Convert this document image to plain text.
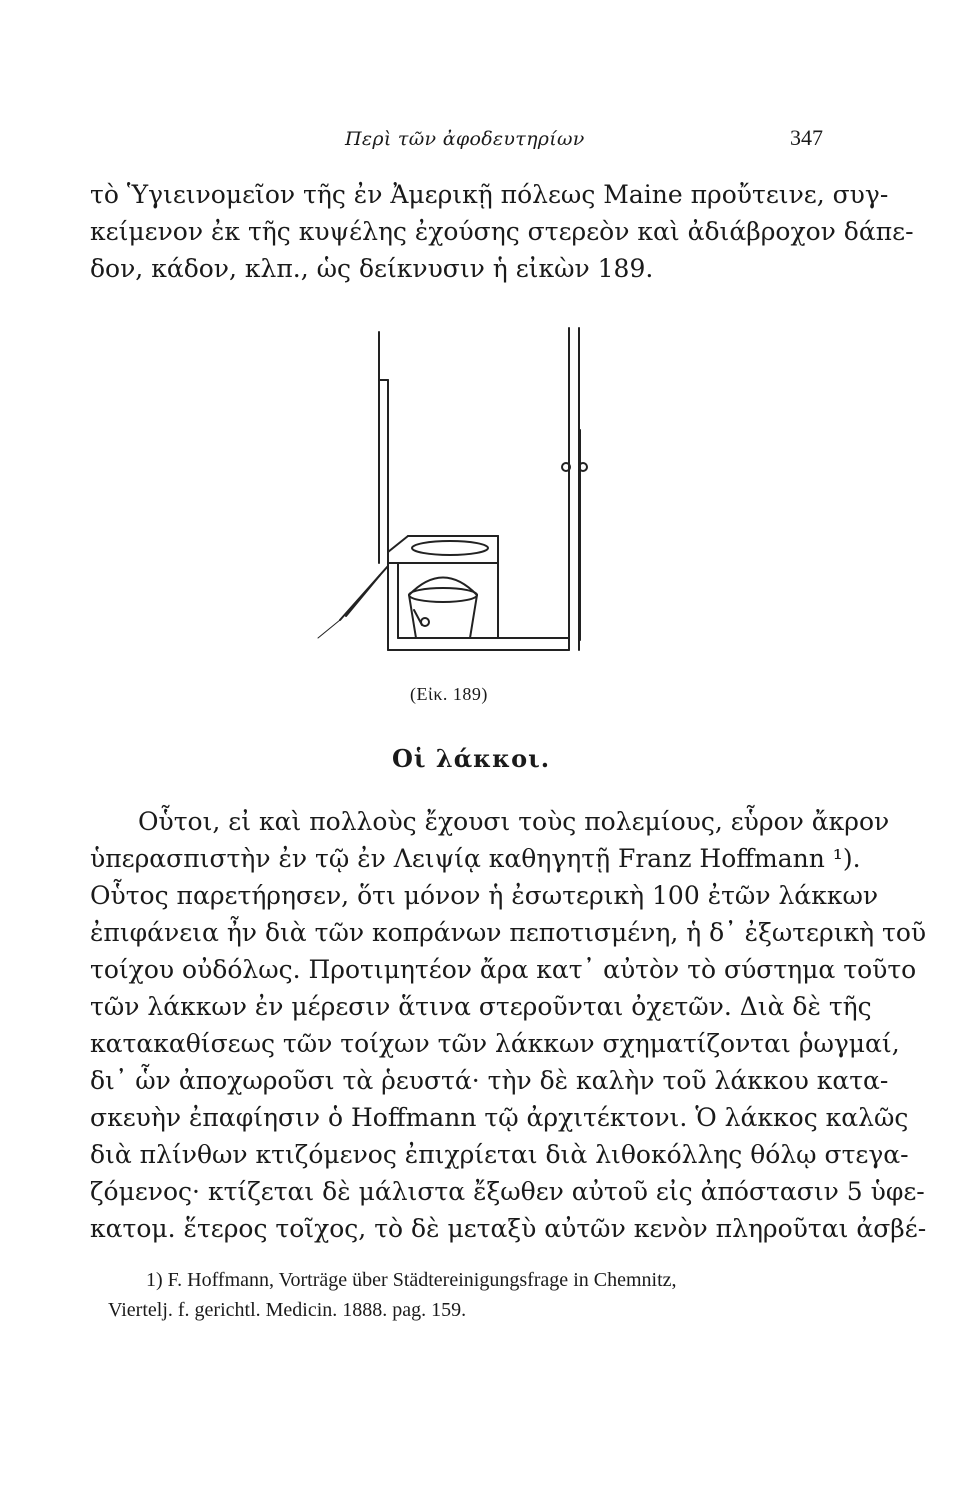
Περὶ τῶν ἀφοδευτηρίων	347
τὸ Ὑγιεινομεῖον τῆς ἐν Ἀμερικῇ πόλεως Maine προὔτεινε, συγ-
κείμενον ἐκ τῆς κυψέλης ἐχούσης στερεὸν καὶ ἀδιάβροχον δάπε-
δον, κάδον, κλπ., ὡς δείκνυσιν ἡ εἰκὼν 189.
(Εἰκ. 189)
Οἱ λάκκοι.
Οὗτοι, εἰ καὶ πολλοὺς ἔχουσι τοὺς πολεμίους, εὗρον ἄκρον
ὑπερασπιστὴν ἐν τῷ ἐν Λειψίᾳ καθηγητῇ Franz Hoffmann ¹).
Οὗτος παρετήρησεν, ὅτι μόνον ἡ ἐσωτερικὴ 100 ἐτῶν λάκκων
ἐπιφάνεια ἦν διὰ τῶν κοπράνων πεποτισμένη, ἡ δ᾿ ἐξωτερικὴ τοῦ
τοίχου οὐδόλως. Προτιμητέον ἄρα κατ᾿ αὐτὸν τὸ σύστημα τοῦτο
τῶν λάκκων ἐν μέρεσιν ἅτινα στεροῦνται ὀχετῶν. Διὰ δὲ τῆς
κατακαθίσεως τῶν τοίχων τῶν λάκκων σχηματίζονται ῥωγμαί,
δι᾿ ὧν ἀποχωροῦσι τὰ ῥευστά· τὴν δὲ καλὴν τοῦ λάκκου κατα-
σκευὴν ἐπαφίησιν ὁ Hoffmann τῷ ἀρχιτέκτονι. Ὁ λάκκος καλῶς
διὰ πλίνθων κτιζόμενος ἐπιχρίεται διὰ λιθοκόλλης θόλῳ στεγα-
ζόμενος· κτίζεται δὲ μάλιστα ἔξωθεν αὐτοῦ εἰς ἀπόστασιν 5 ὑφε-
κατομ. ἕτερος τοῖχος, τὸ δὲ μεταξὺ αὐτῶν κενὸν πληροῦται ἀσβέ-
1) F. Hoffmann, Vorträge über Städtereinigungsfrage in Chemnitz,
Viertelj. f. gerichtl. Medicin. 1888. pag. 159.
